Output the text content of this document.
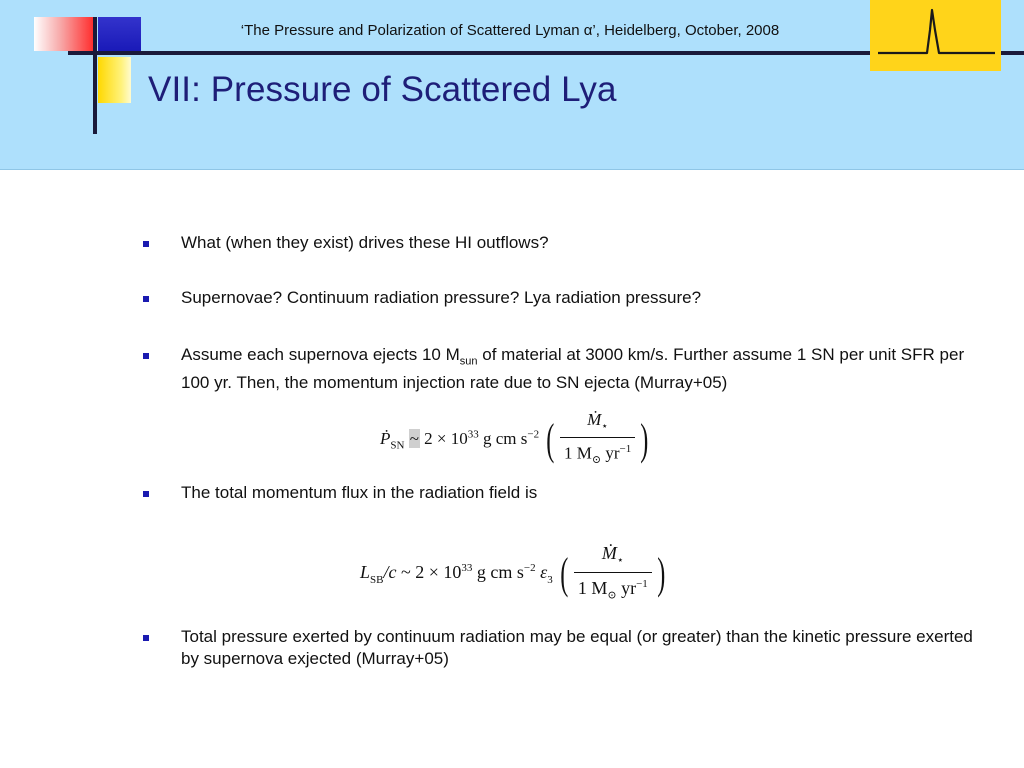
‘The Pressure and Polarization of Scattered Lyman α’, Heidelberg, October, 2008
VII: Pressure of Scattered Lya
What (when they exist) drives these HI outflows?
Supernovae? Continuum radiation pressure? Lya radiation pressure?
Assume each supernova ejects 10 $M_{sun}$ of material at 3000 km/s. Further assume 1 SN per unit SFR per 100 yr. Then, the momentum injection rate due to SN ejecta (Murray+05)
The total momentum flux in the radiation field is
Total pressure exerted by continuum radiation may be equal (or greater) than the kinetic pressure exerted by supernova exjected (Murray+05)
Ṗ$_{SN}$ ~ $2 \times 10^{33}$ g cm $s^{-2}$ ( $\frac{Ṁ_⋆}{1 M_⊙ yr^{-1}}$ )
$L_{SB}/c$ ~ $2 \times 10^{33}$ g cm $s^{-2}$ $\varepsilon_3$ ( $\frac{Ṁ_⋆}{1 M_⊙ yr^{-1}}$ )
